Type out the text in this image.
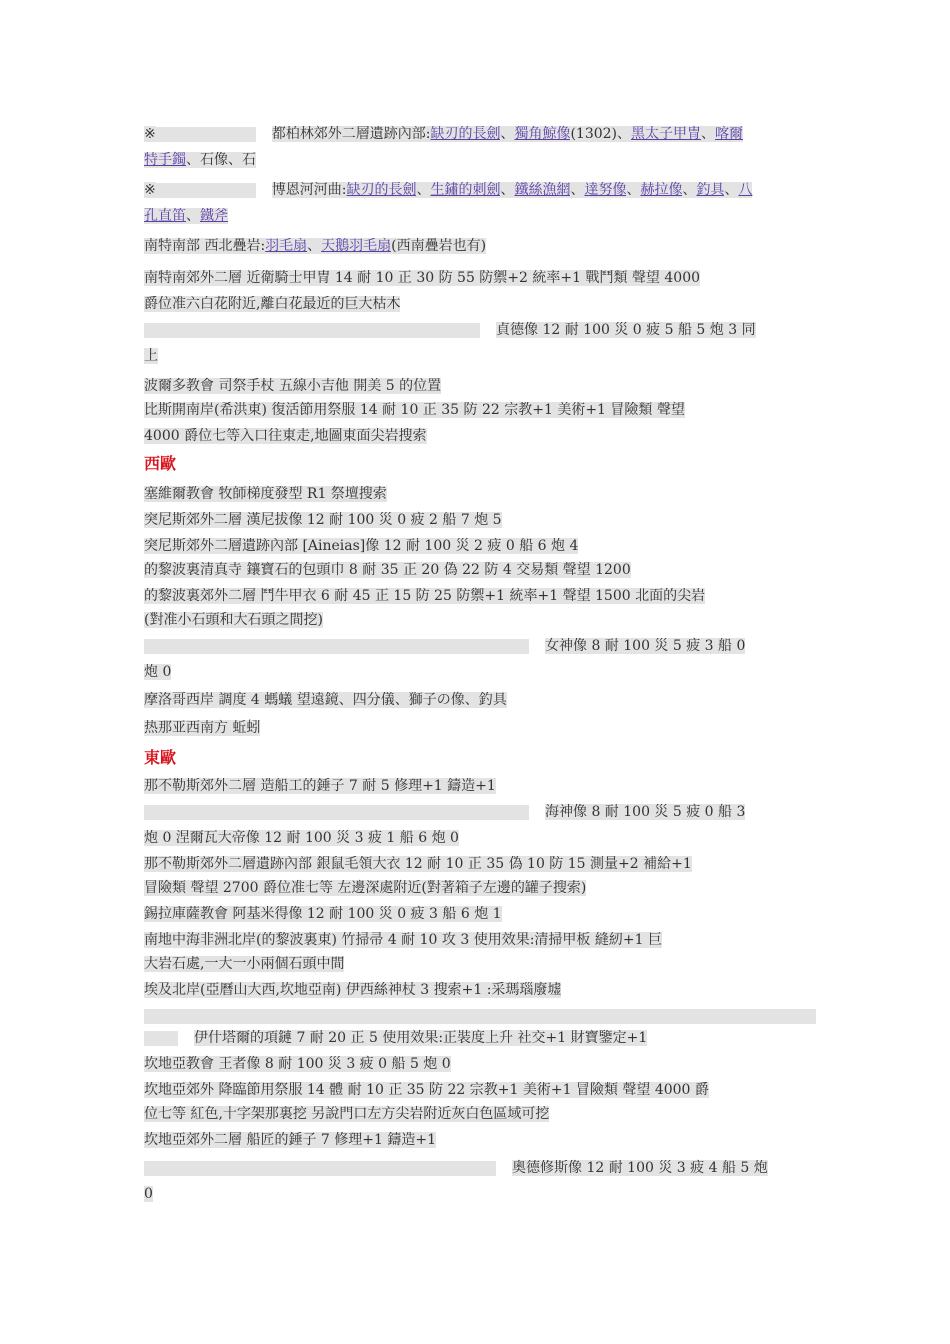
※	都柏林郊外二層遺跡內部:缺刃的長劍、獨角鯨像(1302)、黑太子甲冑、喀爾
特手鐲、石像、石
※	博恩河河曲:缺刃的長劍、生鏽的刺劍、鐵絲漁網、達努像、赫拉像、釣具、八
孔直笛、鐵斧
南特南部 西北疊岩:羽毛扇、天鵝羽毛扇(西南疊岩也有)
南特南郊外二層 近衛騎士甲冑 14 耐 10 正 30 防 55 防禦+2 統率+1 戰鬥類 聲望 4000
爵位准六白花附近,離白花最近的巨大枯木
貞德像 12 耐 100 災 0 疲 5 船 5 炮 3 同
上
波爾多教會 司祭手杖 五線小吉他 開美 5 的位置
比斯開南岸(希洪東) 復活節用祭服 14 耐 10 正 35 防 22 宗教+1 美術+1 冒險類 聲望
4000 爵位七等入口往東走,地圖東面尖岩搜索
西歐
塞維爾教會 牧師梯度發型 R1 祭壇搜索
突尼斯郊外二層 漢尼拔像 12 耐 100 災 0 疲 2 船 7 炮 5
突尼斯郊外二層遺跡內部 [Aineias]像 12 耐 100 災 2 疲 0 船 6 炮 4
的黎波裏清真寺 鑲寶石的包頭巾 8 耐 35 正 20 偽 22 防 4 交易類 聲望 1200
的黎波裏郊外二層 鬥牛甲衣 6 耐 45 正 15 防 25 防禦+1 統率+1 聲望 1500 北面的尖岩
(對准小石頭和大石頭之間挖)
女神像 8 耐 100 災 5 疲 3 船 0
炮 0
摩洛哥西岸 調度 4 螞蟻 望遠鏡、四分儀、獅子の像、釣具
热那亚西南方 蚯蚓
東歐
那不勒斯郊外二層 造船工的錘子 7 耐 5 修理+1 鑄造+1
海神像 8 耐 100 災 5 疲 0 船 3
炮 0 涅爾瓦大帝像 12 耐 100 災 3 疲 1 船 6 炮 0
那不勒斯郊外二層遺跡內部 銀鼠毛領大衣 12 耐 10 正 35 偽 10 防 15 測量+2 補給+1
冒險類 聲望 2700 爵位准七等 左邊深處附近(對著箱子左邊的罐子搜索)
錫拉庫薩教會 阿基米得像 12 耐 100 災 0 疲 3 船 6 炮 1
南地中海非洲北岸(的黎波裏東) 竹掃帚 4 耐 10 攻 3 使用效果:清掃甲板 縫紉+1 巨
大岩石處,一大一小兩個石頭中間
埃及北岸(亞曆山大西,坎地亞南) 伊西絲神杖 3 搜索+1 :采瑪瑙廢墟
伊什塔爾的項鏈 7 耐 20 正 5 使用效果:正裝度上升 社交+1 財寶鑒定+1
坎地亞教會 王者像 8 耐 100 災 3 疲 0 船 5 炮 0
坎地亞郊外 降臨節用祭服 14 體 耐 10 正 35 防 22 宗教+1 美術+1 冒險類 聲望 4000 爵
位七等 紅色,十字架那裏挖 另說門口左方尖岩附近灰白色區域可挖
坎地亞郊外二層 船匠的錘子 7 修理+1 鑄造+1
奧德修斯像 12 耐 100 災 3 疲 4 船 5 炮
0
